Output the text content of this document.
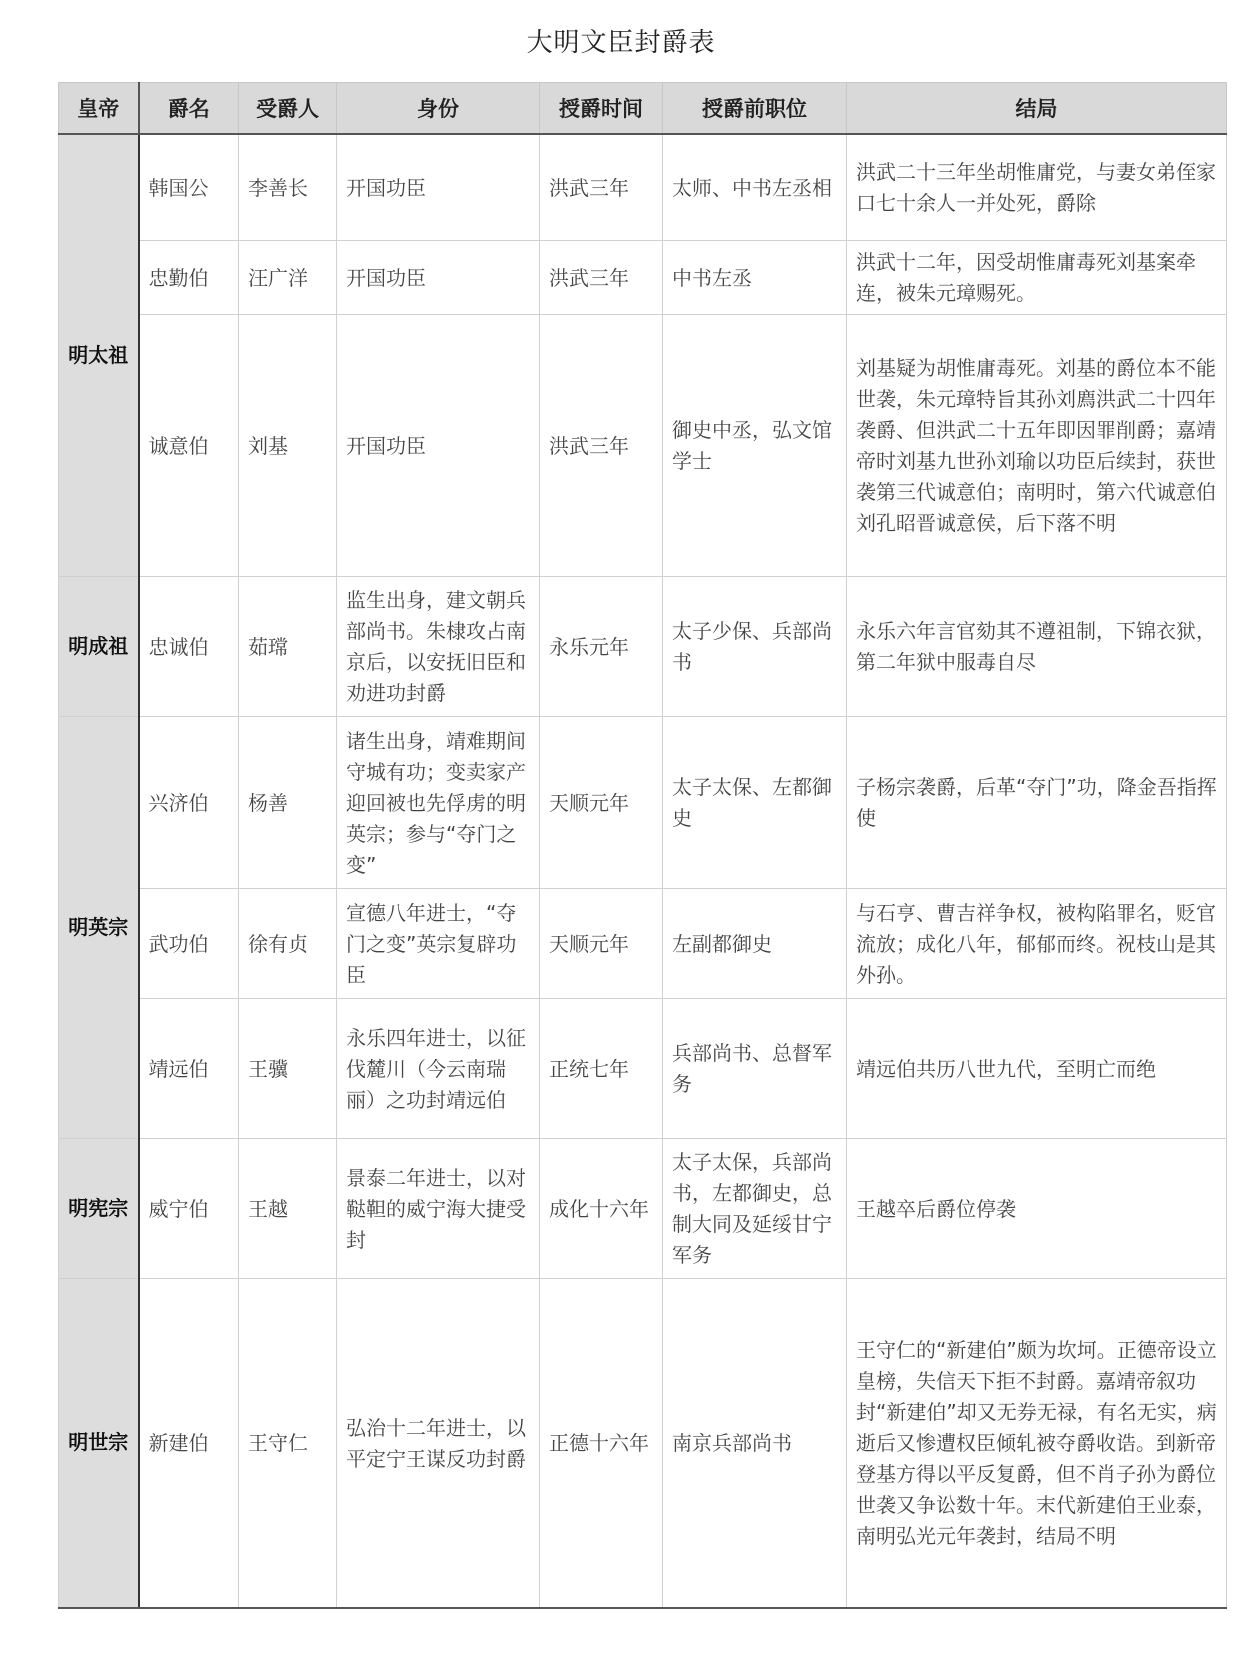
大明文臣封爵表
皇帝	爵名	受爵人	身份	授爵时间	授爵前职位	结局
明太祖	韩国公	李善长	开国功臣	洪武三年	太师、中书左丞相	洪武二十三年坐胡惟庸党，与妻女弟侄家口七十余人一并处死，爵除
	忠勤伯	汪广洋	开国功臣	洪武三年	中书左丞	洪武十二年，因受胡惟庸毒死刘基案牵连，被朱元璋赐死。
	诚意伯	刘基	开国功臣	洪武三年	御史中丞，弘文馆学士	刘基疑为胡惟庸毒死。刘基的爵位本不能世袭，朱元璋特旨其孙刘廌洪武二十四年袭爵、但洪武二十五年即因罪削爵；嘉靖帝时刘基九世孙刘瑜以功臣后续封，获世袭第三代诚意伯；南明时，第六代诚意伯刘孔昭晋诚意侯，后下落不明
明成祖	忠诚伯	茹瑺	监生出身，建文朝兵部尚书。朱棣攻占南京后，以安抚旧臣和劝进功封爵	永乐元年	太子少保、兵部尚书	永乐六年言官劾其不遵祖制，下锦衣狱，第二年狱中服毒自尽
明英宗	兴济伯	杨善	诸生出身，靖难期间守城有功；变卖家产迎回被也先俘虏的明英宗；参与“夺门之变”	天顺元年	太子太保、左都御史	子杨宗袭爵，后革“夺门”功，降金吾指挥使
	武功伯	徐有贞	宣德八年进士，“夺门之变”英宗复辟功臣	天顺元年	左副都御史	与石亨、曹吉祥争权，被构陷罪名，贬官流放；成化八年，郁郁而终。祝枝山是其外孙。
	靖远伯	王骥	永乐四年进士，以征伐麓川（今云南瑞丽）之功封靖远伯	正统七年	兵部尚书、总督军务	靖远伯共历八世九代，至明亡而绝
明宪宗	威宁伯	王越	景泰二年进士，以对鞑靼的威宁海大捷受封	成化十六年	太子太保，兵部尚书，左都御史，总制大同及延绥甘宁军务	王越卒后爵位停袭
明世宗	新建伯	王守仁	弘治十二年进士，以平定宁王谋反功封爵	正德十六年	南京兵部尚书	王守仁的“新建伯”颇为坎坷。正德帝设立皇榜，失信天下拒不封爵。嘉靖帝叙功封“新建伯”却又无券无禄，有名无实，病逝后又惨遭权臣倾轧被夺爵收诰。到新帝登基方得以平反复爵，但不肖子孙为爵位世袭又争讼数十年。末代新建伯王业泰，南明弘光元年袭封，结局不明
